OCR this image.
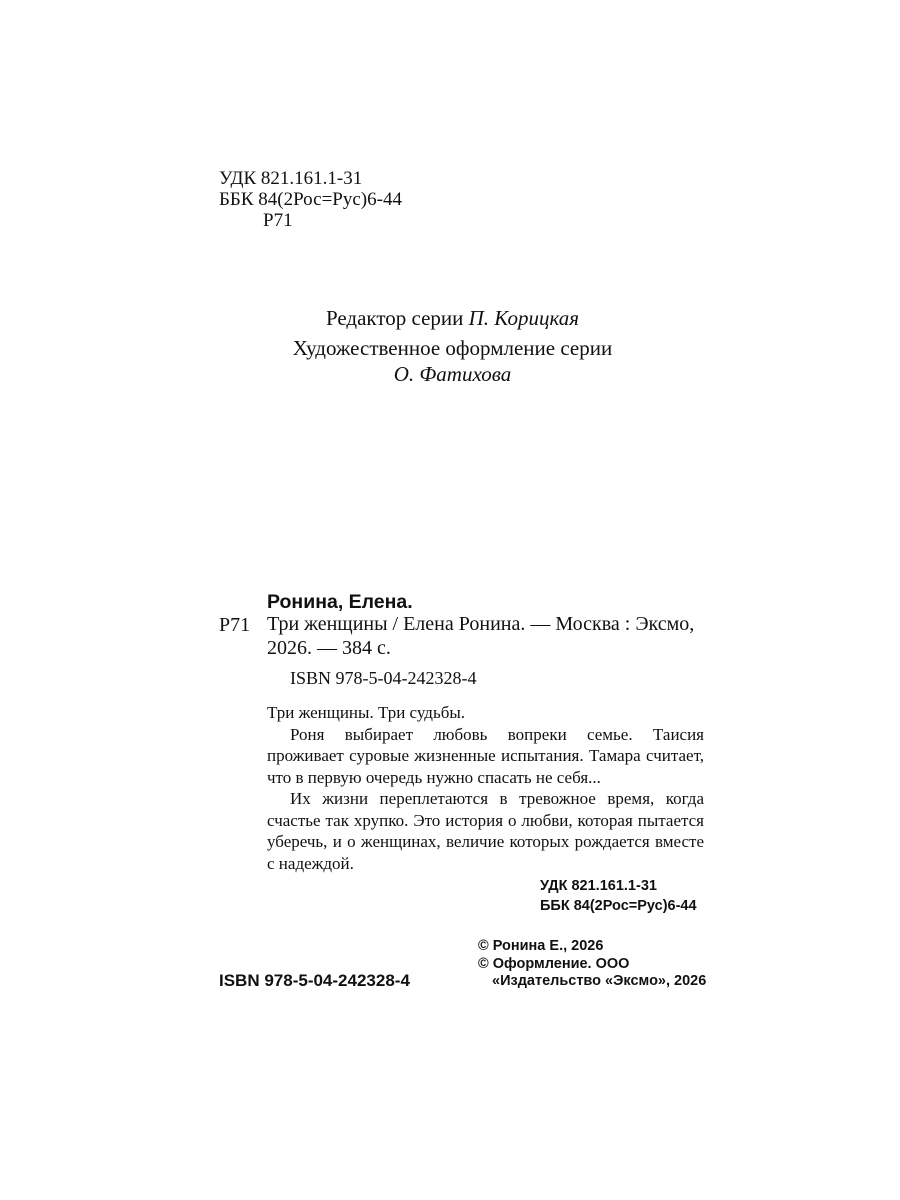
УДК 821.161.1-31
ББК 84(2Рос=Рус)6-44
Р71
Редактор серии П. Корицкая
Художественное оформление серии
О. Фатихова
Ронина, Елена.
Р71 Три женщины / Елена Ронина. — Москва : Эксмо, 2026. — 384 с.
ISBN 978-5-04-242328-4

Три женщины. Три судьбы.

Роня выбирает любовь вопреки семье. Таисия проживает суровые жизненные испытания. Тамара считает, что в первую очередь нужно спасать не себя...

Их жизни переплетаются в тревожное время, когда счастье так хрупко. Это история о любви, которая пытается уберечь, и о женщинах, величие которых рождается вместе с надеждой.

УДК 821.161.1-31
ББК 84(2Рос=Рус)6-44
© Ронина Е., 2026
© Оформление. ООО
«Издательство «Эксмо», 2026
ISBN 978-5-04-242328-4
